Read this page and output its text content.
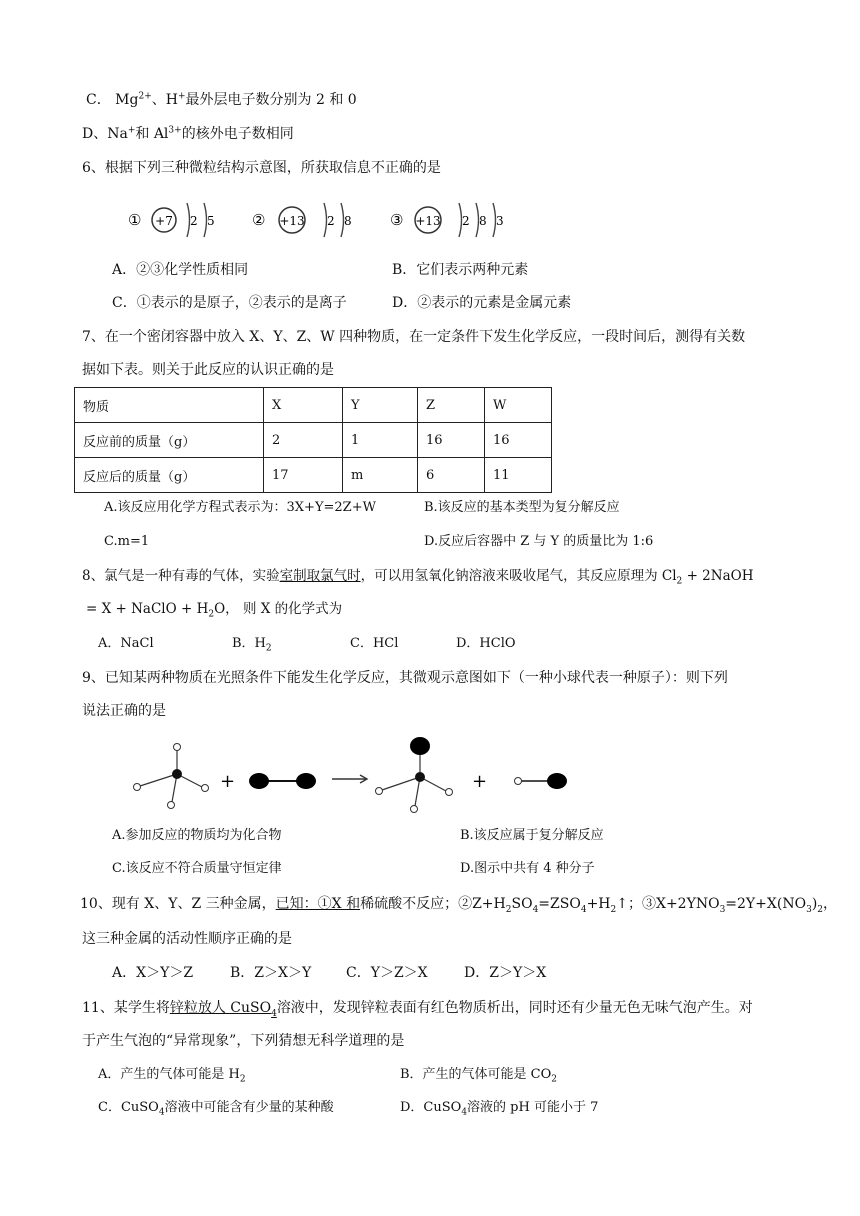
C． $Mg^{2+}$、H+最外层电子数分别为 2 和 0
D、Na+和 $Al^{3+}$的核外电子数相同
6、根据下列三种微粒结构示意图，所获取信息不正确的是
① +7 2 5 ② +13 2 8	③ +13 2 8 3
A．②③化学性质相同	B．它们表示两种元素
C．①表示的是原子，②表示的是离子	D．②表示的元素是金属元素
7、在一个密闭容器中放入 X、Y、Z、W 四种物质，在一定条件下发生化学反应，一段时间后，测得有关数
据如下表。则关于此反应的认识正确的是
物质	X	Y	Z	W
反应前的质量（g）	2	1	16	16
反应后的质量（g）	17	m	6	11
A.该反应用化学方程式表示为：3X+Y=2Z+W	B.该反应的基本类型为复分解反应
C.m=1	D.反应后容器中 Z 与 Y 的质量比为 1:6
8、氯气是一种有毒的气体，实验室制取氯气时，可以用氢氧化钠溶液来吸收尾气，其反应原理为 $Cl_2$ + 2NaOH
= X + NaClO + $H_2O$， 则 X 的化学式为
A．NaCl	B．$H_2$	C．HCl	D．HClO
9、已知某两种物质在光照条件下能发生化学反应，其微观示意图如下（一种小球代表一种原子）：则下列
说法正确的是
+	+
A.参加反应的物质均为化合物	B.该反应属于复分解反应
C.该反应不符合质量守恒定律	D.图示中共有 4 种分子
10、现有 X、Y、Z 三种金属，已知：①X 和稀硫酸不反应；$②Z+H_2SO_4=ZSO_4+H_2↑$；$③X+2YNO_3=2Y+X(NO_3)_2$，
这三种金属的活动性顺序正确的是
A．X＞Y＞Z	B．Z＞X＞Y C．Y＞Z＞X	D．Z＞Y＞X
11、某学生将锌粒放人 CuSO$_4$溶液中，发现锌粒表面有红色物质析出，同时还有少量无色无味气泡产生。对
于产生气泡的“异常现象”，下列猜想无科学道理的是
A．产生的气体可能是 $H_2$	B．产生的气体可能是 $CO_2$
C．CuSO$_4$溶液中可能含有少量的某种酸	D．CuSO$_4$溶液的 pH 可能小于 7
